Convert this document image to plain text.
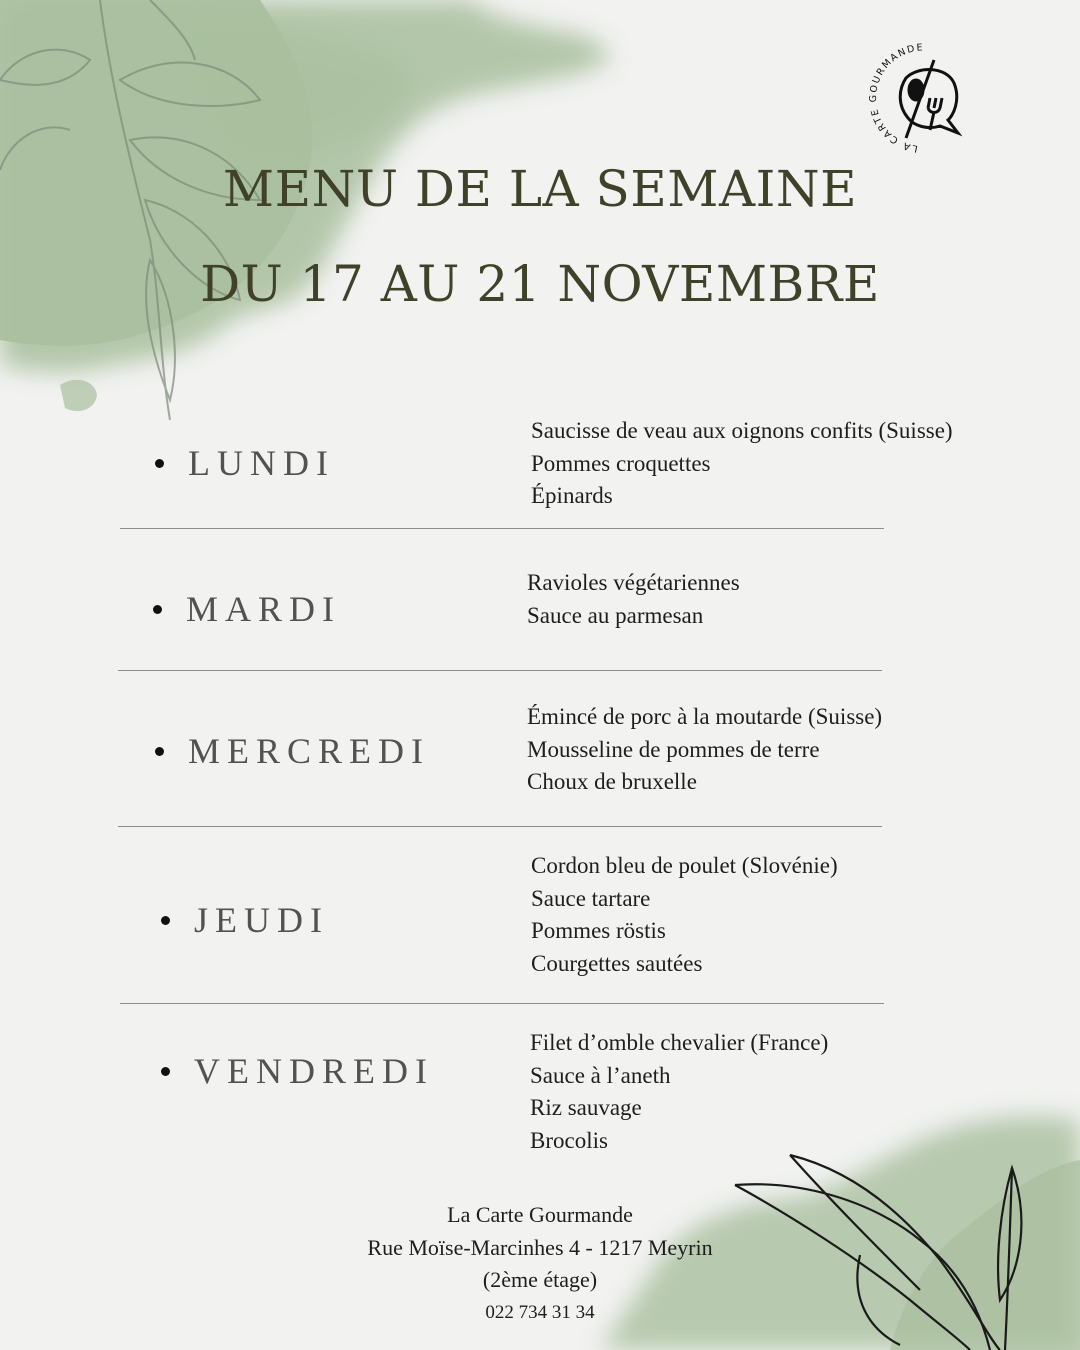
LA CARTE GOURMANDE
MENU DE LA SEMAINE
DU 17 AU 21 NOVEMBRE
LUNDI
Saucisse de veau aux oignons confits (Suisse)
Pommes croquettes
Épinards
MARDI
Ravioles végétariennes
Sauce au parmesan
MERCREDI
Émincé de porc à la moutarde (Suisse)
Mousseline de pommes de terre
Choux de bruxelle
JEUDI
Cordon bleu de poulet (Slovénie)
Sauce tartare
Pommes röstis
Courgettes sautées
VENDREDI
Filet d’omble chevalier (France)
Sauce à l’aneth
Riz sauvage
Brocolis
La Carte Gourmande
Rue Moïse-Marcinhes 4 - 1217 Meyrin
(2ème étage)
022 734 31 34
